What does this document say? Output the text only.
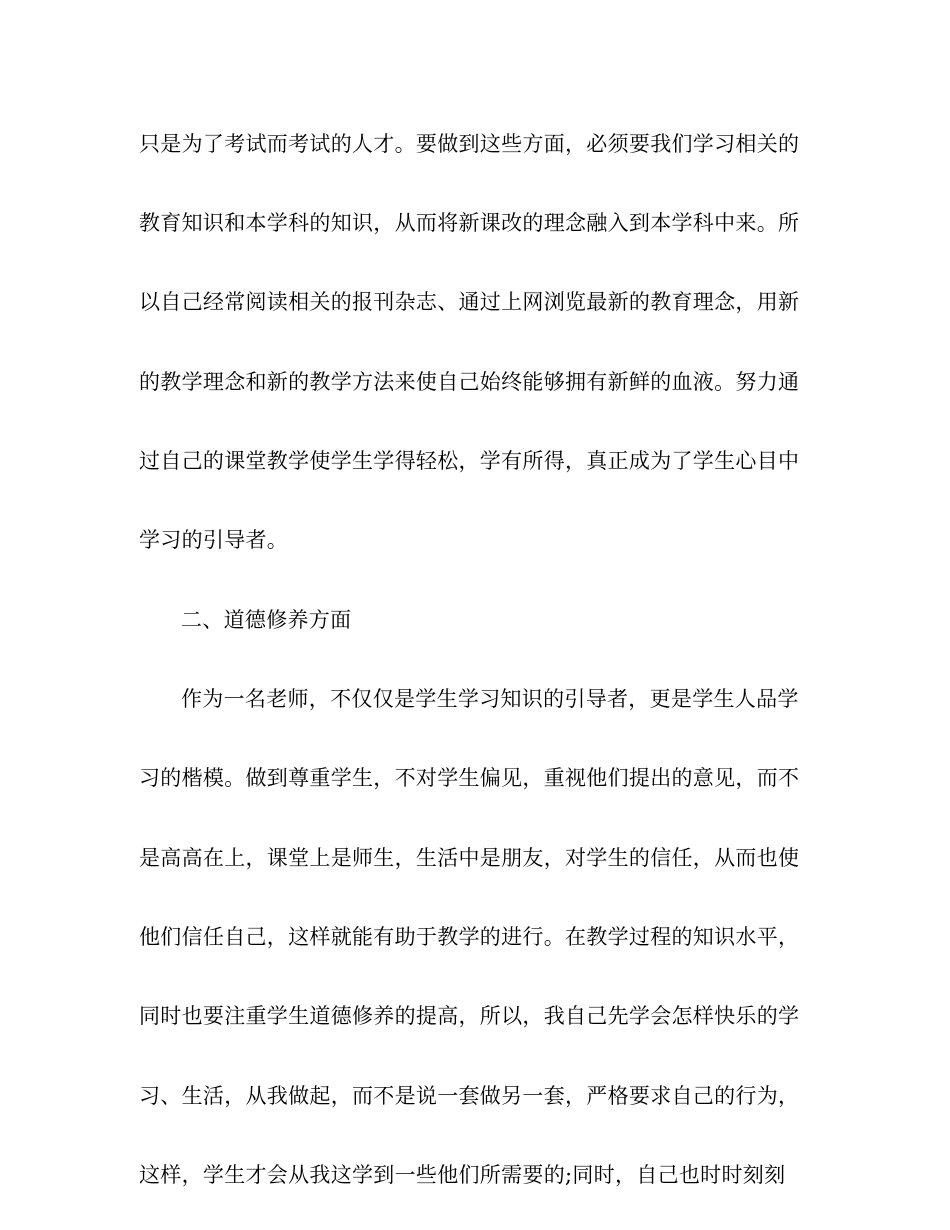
只是为了考试而考试的人才。要做到这些方面，必须要我们学习相关的
教育知识和本学科的知识，从而将新课改的理念融入到本学科中来。所
以自己经常阅读相关的报刊杂志、通过上网浏览最新的教育理念，用新
的教学理念和新的教学方法来使自己始终能够拥有新鲜的血液。努力通
过自己的课堂教学使学生学得轻松，学有所得，真正成为了学生心目中
学习的引导者。
二、道德修养方面
作为一名老师，不仅仅是学生学习知识的引导者，更是学生人品学
习的楷模。做到尊重学生，不对学生偏见，重视他们提出的意见，而不
是高高在上，课堂上是师生，生活中是朋友，对学生的信任，从而也使
他们信任自己，这样就能有助于教学的进行。在教学过程的知识水平，
同时也要注重学生道德修养的提高，所以，我自己先学会怎样快乐的学
习、生活，从我做起，而不是说一套做另一套，严格要求自己的行为，
这样，学生才会从我这学到一些他们所需要的;同时，自己也时时刻刻
